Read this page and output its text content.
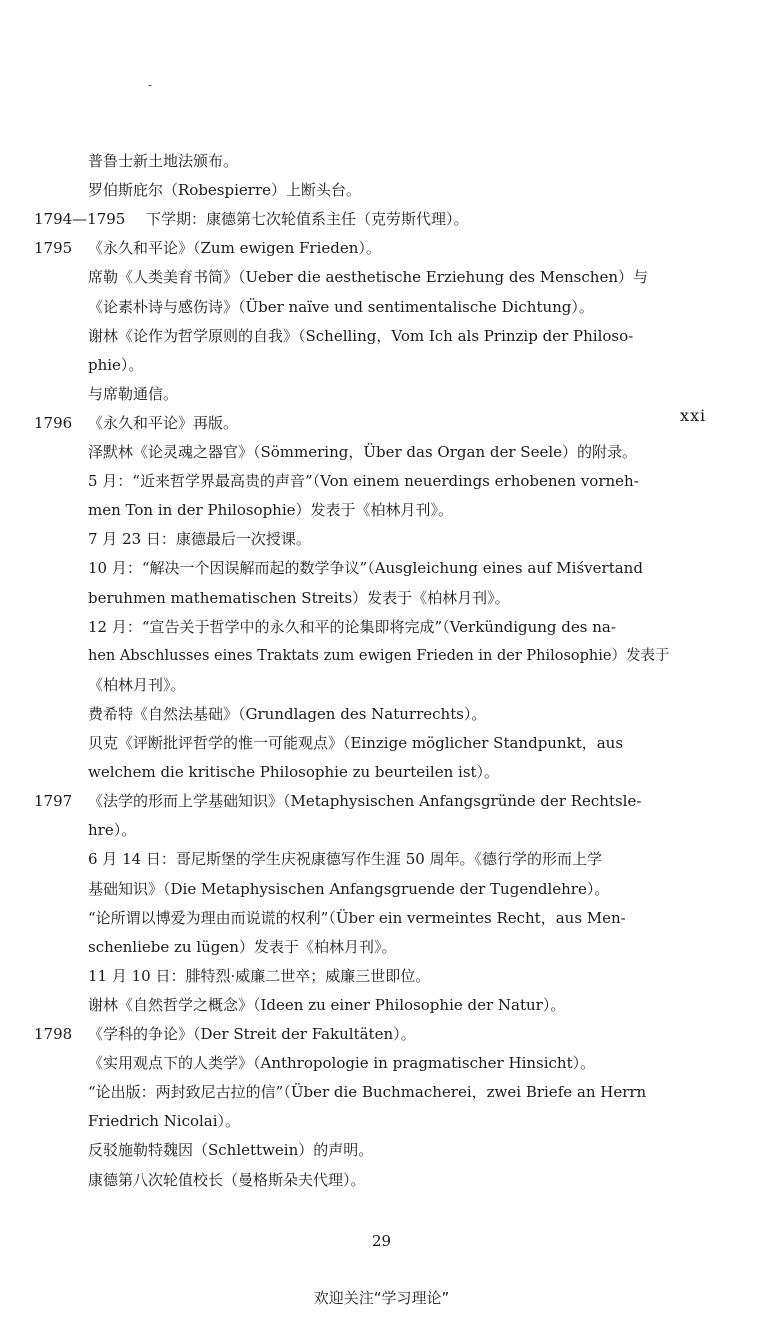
-
普鲁士新土地法颁布。
罗伯斯庇尔（Robespierre）上断头台。
1794—1795 下学期：康德第七次轮值系主任（克劳斯代理）。
1795 《永久和平论》（Zum ewigen Frieden）。
席勒《人类美育书简》（Ueber die aesthetische Erziehung des Menschen）与
《论素朴诗与感伤诗》（Über naïve und sentimentalische Dichtung）。
谢林《论作为哲学原则的自我》（Schelling，Vom Ich als Prinzip der Philoso-
phie）。
与席勒通信。
1796 《永久和平论》再版。
泽默林《论灵魂之器官》（Sömmering，Über das Organ der Seele）的附录。
5 月：“近来哲学界最高贵的声音”（Von einem neuerdings erhobenen vorneh-
men Ton in der Philosophie）发表于《柏林月刊》。
7 月 23 日：康德最后一次授课。
10 月：“解决一个因误解而起的数学争议”（Ausgleichung eines auf Miśvertand
beruhmen mathematischen Streits）发表于《柏林月刊》。
12 月：“宣告关于哲学中的永久和平的论集即将完成”（Verkündigung des na-
hen Abschlusses eines Traktats zum ewigen Frieden in der Philosophie）发表于
《柏林月刊》。
费希特《自然法基础》（Grundlagen des Naturrechts）。
贝克《评断批评哲学的惟一可能观点》（Einzige möglicher Standpunkt，aus
welchem die kritische Philosophie zu beurteilen ist）。
1797 《法学的形而上学基础知识》（Metaphysischen Anfangsgründe der Rechtsle-
hre）。
6 月 14 日：哥尼斯堡的学生庆祝康德写作生涯 50 周年。《德行学的形而上学
基础知识》（Die Metaphysischen Anfangsgruende der Tugendlehre）。
“论所谓以博爱为理由而说谎的权利”（Über ein vermeintes Recht，aus Men-
schenliebe zu lügen）发表于《柏林月刊》。
11 月 10 日：腓特烈·威廉二世卒；威廉三世即位。
谢林《自然哲学之概念》（Ideen zu einer Philosophie der Natur）。
1798 《学科的争论》（Der Streit der Fakultäten）。
《实用观点下的人类学》（Anthropologie in pragmatischer Hinsicht）。
“论出版：两封致尼古拉的信”（Über die Buchmacherei，zwei Briefe an Herrn
Friedrich Nicolai）。
反驳施勒特魏因（Schlettwein）的声明。
康德第八次轮值校长（曼格斯朵夫代理）。
xxi
29
欢迎关注“学习理论”
